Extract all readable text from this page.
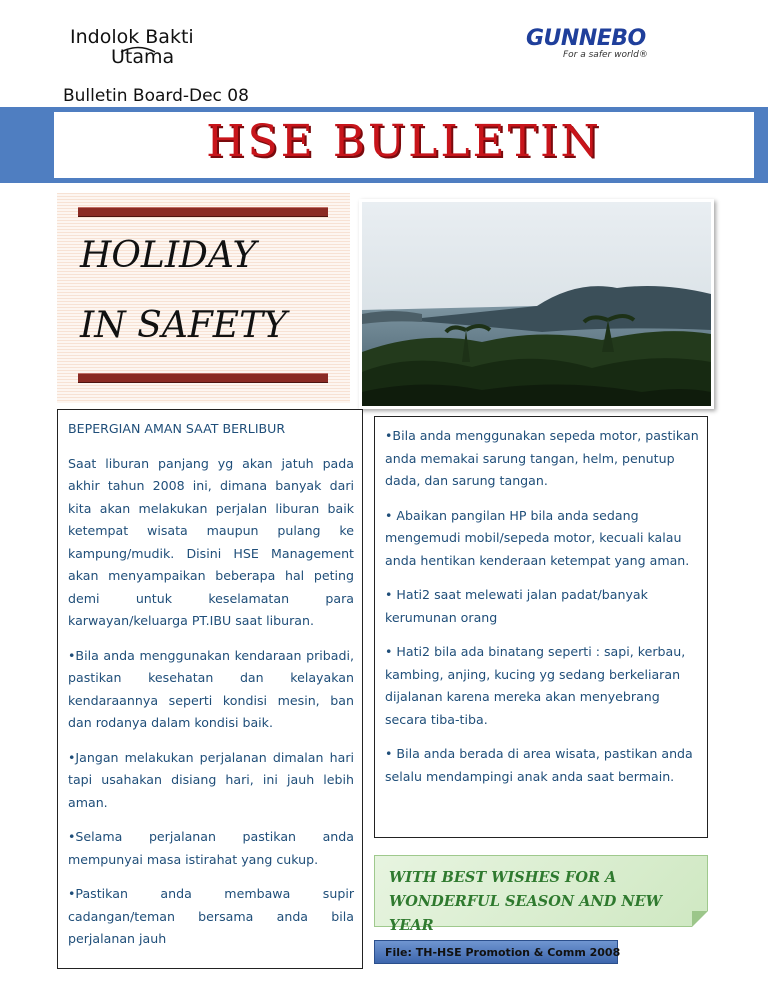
Indolok Bakti
Utama
GUNNEBO
For a safer world®
Bulletin Board-Dec 08
HSE BULLETIN
HOLIDAY
IN SAFETY

BEPERGIAN AMAN SAAT BERLIBUR

Saat liburan panjang yg akan jatuh pada akhir tahun 2008 ini, dimana banyak dari kita akan melakukan perjalan liburan baik ketempat wisata maupun pulang ke kampung/mudik. Disini HSE Management akan menyampaikan beberapa hal peting demi untuk keselamatan para karwayan/keluarga PT.IBU saat liburan.

•Bila anda menggunakan kendaraan pribadi, pastikan kesehatan dan kelayakan kendaraannya seperti kondisi mesin, ban dan rodanya dalam kondisi baik.

•Jangan melakukan perjalanan dimalan hari tapi usahakan disiang hari, ini jauh lebih aman.

•Selama perjalanan pastikan anda mempunyai masa istirahat yang cukup.

•Pastikan anda membawa supir cadangan/teman bersama anda bila perjalanan jauh

•Bila anda menggunakan sepeda motor, pastikan anda memakai sarung tangan, helm, penutup dada, dan sarung tangan.

• Abaikan pangilan HP bila anda sedang mengemudi mobil/sepeda motor, kecuali kalau anda hentikan kenderaan ketempat yang aman.

• Hati2 saat melewati jalan padat/banyak kerumunan orang

• Hati2 bila ada binatang seperti : sapi, kerbau, kambing, anjing, kucing yg sedang berkeliaran dijalanan karena mereka akan menyebrang secara tiba-tiba.

• Bila anda berada di area wisata, pastikan anda selalu mendampingi anak anda saat bermain.

WITH BEST WISHES FOR A WONDERFUL SEASON AND NEW YEAR
File: TH-HSE Promotion & Comm 2008
